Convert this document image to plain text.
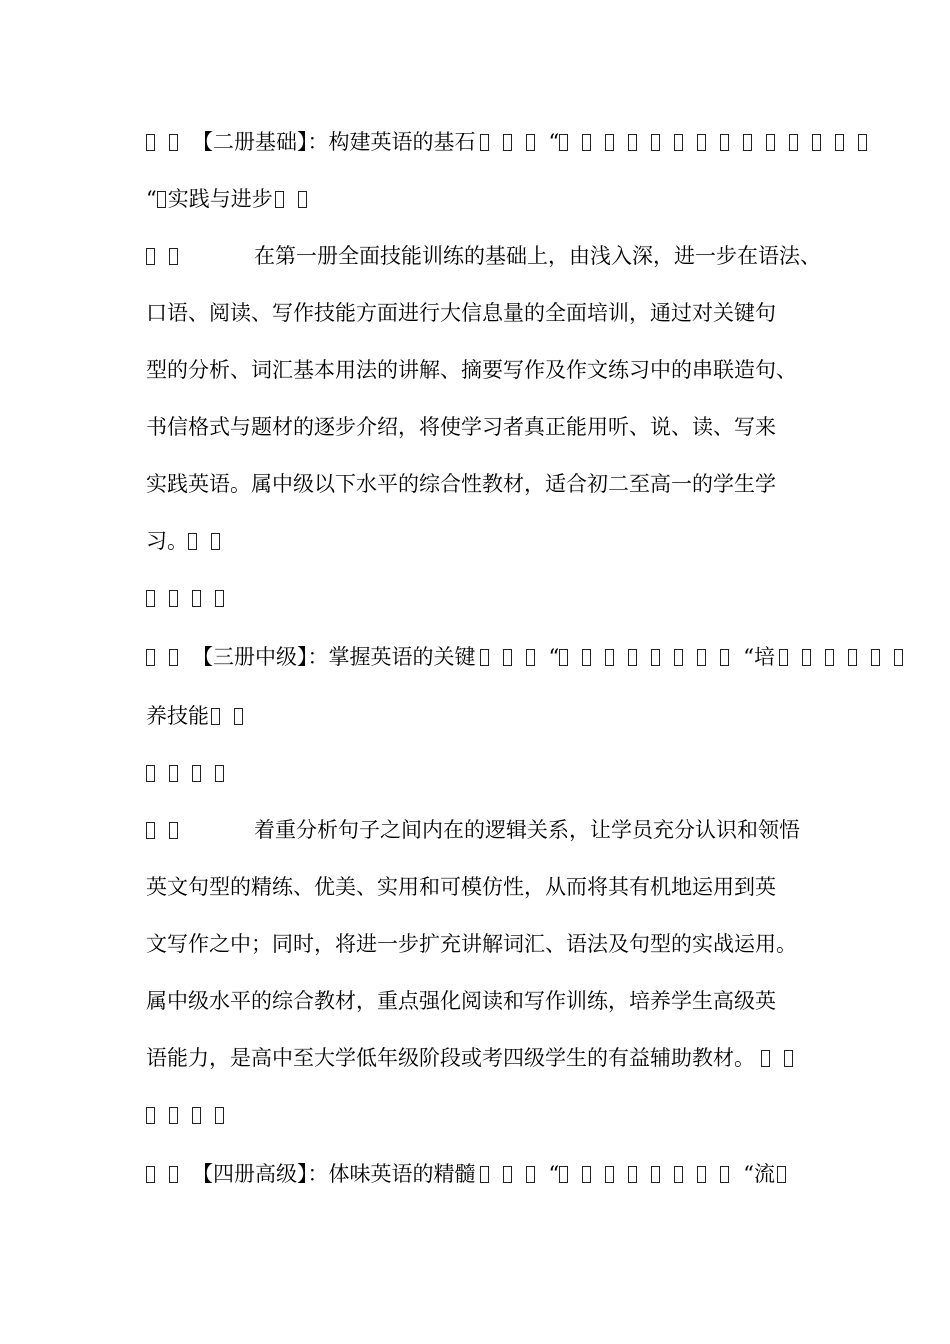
【二册基础】：构建英语的基石	“
“ 实践与进步
在第一册全面技能训练的基础上，由浅入深，进一步在语法、
口语、阅读、写作技能方面进行大信息量的全面培训，通过对关键句
型的分析、词汇基本用法的讲解、摘要写作及作文练习中的串联造句、
书信格式与题材的逐步介绍，将使学习者真正能用听、说、读、写来
实践英语。属中级以下水平的综合性教材，适合初二至高一的学生学
习。
【三册中级】：掌握英语的关键	“	“培
养技能
着重分析句子之间内在的逻辑关系，让学员充分认识和领悟
英文句型的精练、优美、实用和可模仿性，从而将其有机地运用到英
文写作之中；同时，将进一步扩充讲解词汇、语法及句型的实战运用。
属中级水平的综合教材，重点强化阅读和写作训练，培养学生高级英
语能力，是高中至大学低年级阶段或考四级学生的有益辅助教材。
【四册高级】：体味英语的精髓	“	“流
